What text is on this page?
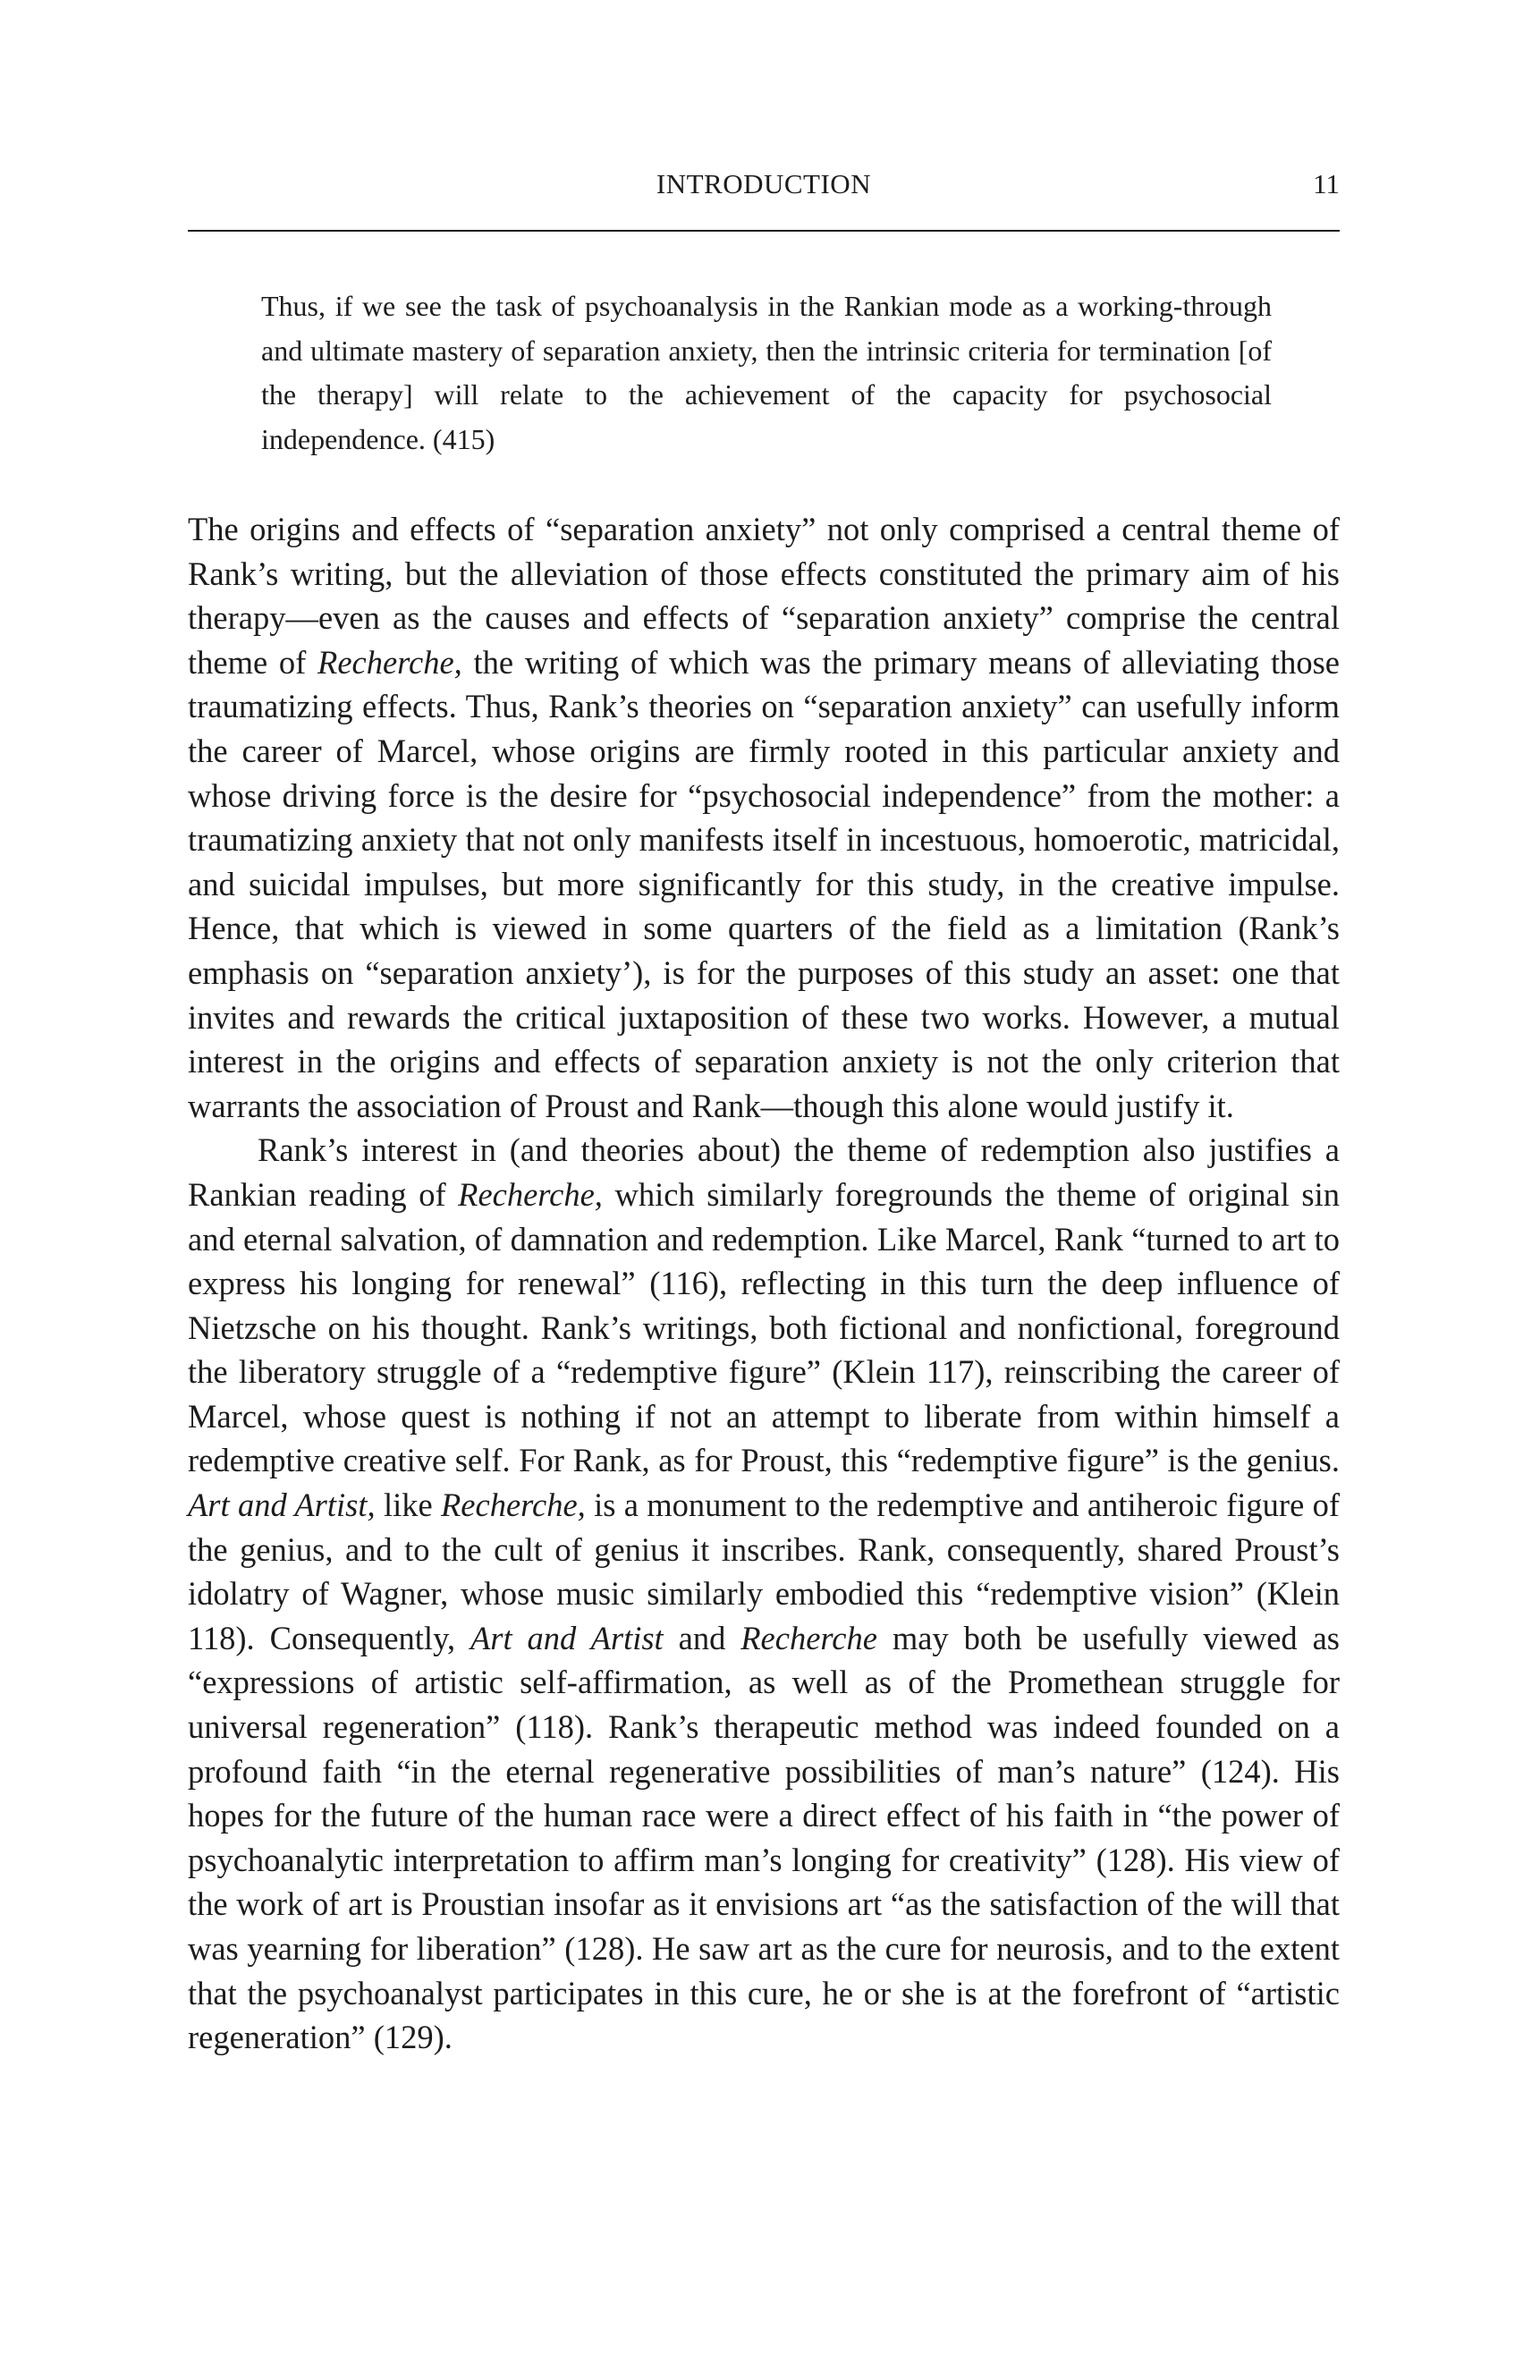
INTRODUCTION	11
Thus, if we see the task of psychoanalysis in the Rankian mode as a working-through and ultimate mastery of separation anxiety, then the intrinsic criteria for termination [of the therapy] will relate to the achievement of the capacity for psychosocial independence. (415)

The origins and effects of “separation anxiety” not only comprised a central theme of Rank’s writing, but the alleviation of those effects constituted the primary aim of his therapy—even as the causes and effects of “separation anxiety” comprise the central theme of Recherche, the writing of which was the primary means of alleviating those traumatizing effects. Thus, Rank’s theories on “separation anxiety” can usefully inform the career of Marcel, whose origins are firmly rooted in this particular anxiety and whose driving force is the desire for “psychosocial independence” from the mother: a traumatizing anxiety that not only manifests itself in incestuous, homoerotic, matricidal, and suicidal impulses, but more significantly for this study, in the creative impulse. Hence, that which is viewed in some quarters of the field as a limitation (Rank’s emphasis on “separation anxiety’), is for the purposes of this study an asset: one that invites and rewards the critical juxtaposition of these two works. However, a mutual interest in the origins and effects of separation anxiety is not the only criterion that warrants the association of Proust and Rank—though this alone would justify it.

Rank’s interest in (and theories about) the theme of redemption also justifies a Rankian reading of Recherche, which similarly foregrounds the theme of original sin and eternal salvation, of damnation and redemption. Like Marcel, Rank “turned to art to express his longing for renewal” (116), reflecting in this turn the deep influence of Nietzsche on his thought. Rank’s writings, both fictional and nonfictional, foreground the liberatory struggle of a “redemptive figure” (Klein 117), reinscribing the career of Marcel, whose quest is nothing if not an attempt to liberate from within himself a redemptive creative self. For Rank, as for Proust, this “redemptive figure” is the genius. Art and Artist, like Recherche, is a monument to the redemptive and antiheroic figure of the genius, and to the cult of genius it inscribes. Rank, consequently, shared Proust’s idolatry of Wagner, whose music similarly embodied this “redemptive vision” (Klein 118). Consequently, Art and Artist and Recherche may both be usefully viewed as “expressions of artistic self-affirmation, as well as of the Promethean struggle for universal regeneration” (118). Rank’s therapeutic method was indeed founded on a profound faith “in the eternal regenerative possibilities of man’s nature” (124). His hopes for the future of the human race were a direct effect of his faith in “the power of psychoanalytic interpretation to affirm man’s longing for creativity” (128). His view of the work of art is Proustian insofar as it envisions art “as the satisfaction of the will that was yearning for liberation” (128). He saw art as the cure for neurosis, and to the extent that the psychoanalyst participates in this cure, he or she is at the forefront of “artistic regeneration” (129).
